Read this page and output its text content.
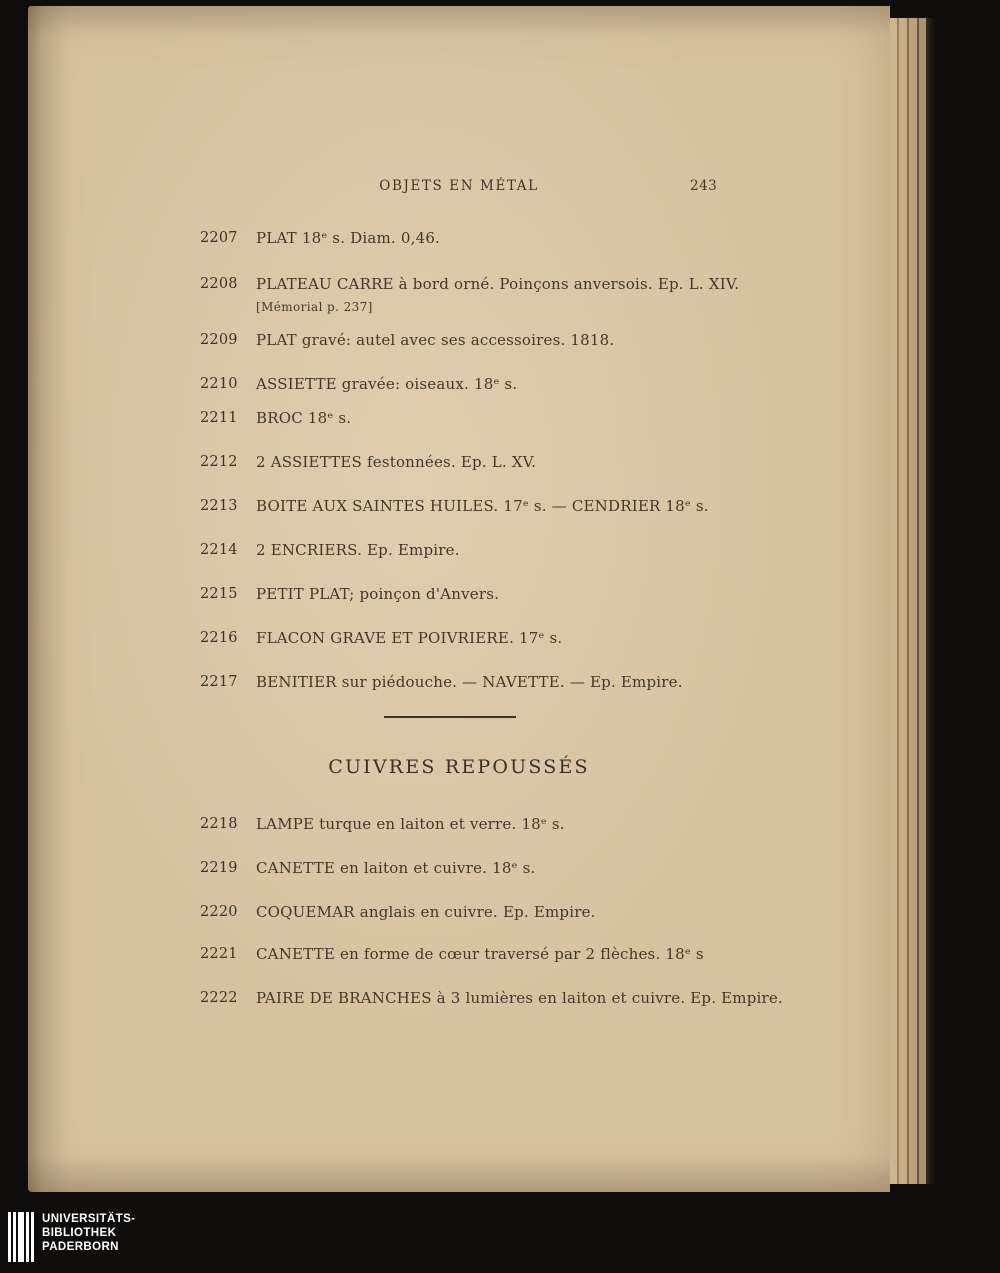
OBJETS EN MÉTAL	243
2207 PLAT 18ᵉ s. Diam. 0,46.
2208 PLATEAU CARRE à bord orné. Poinçons anversois. Ep. L. XIV.
[Mémorial p. 237]
2209 PLAT gravé: autel avec ses accessoires. 1818.
2210 ASSIETTE gravée: oiseaux. 18ᵉ s.
2211 BROC 18ᵉ s.
2212 2 ASSIETTES festonnées. Ep. L. XV.
2213 BOITE AUX SAINTES HUILES. 17ᵉ s. — CENDRIER 18ᵉ s.
2214 2 ENCRIERS. Ep. Empire.
2215 PETIT PLAT; poinçon d'Anvers.
2216 FLACON GRAVE ET POIVRIERE. 17ᵉ s.
2217 BENITIER sur piédouche. — NAVETTE. — Ep. Empire.
CUIVRES REPOUSSÉS
2218 LAMPE turque en laiton et verre. 18ᵉ s.
2219 CANETTE en laiton et cuivre. 18ᵉ s.
2220 COQUEMAR anglais en cuivre. Ep. Empire.
2221 CANETTE en forme de cœur traversé par 2 flèches. 18ᵉ s
2222 PAIRE DE BRANCHES à 3 lumières en laiton et cuivre. Ep. Empire.
UNIVERSITÄTS-
BIBLIOTHEK
PADERBORN
